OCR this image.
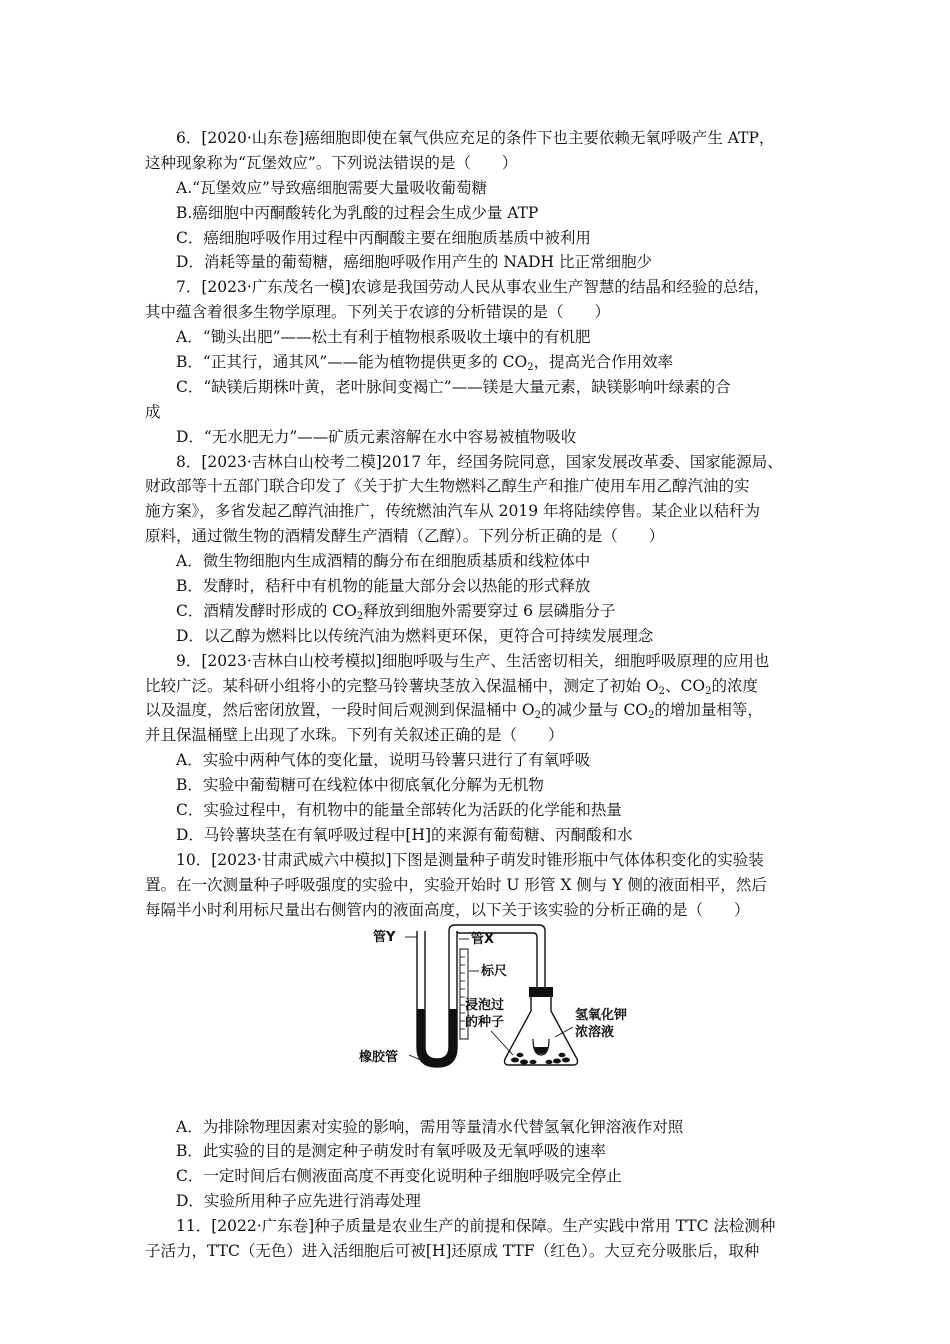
6．[2020·山东卷]癌细胞即使在氧气供应充足的条件下也主要依赖无氧呼吸产生 ATP，
这种现象称为“瓦堡效应”。下列说法错误的是（　　）
A.“瓦堡效应”导致癌细胞需要大量吸收葡萄糖
B.癌细胞中丙酮酸转化为乳酸的过程会生成少量 ATP
C．癌细胞呼吸作用过程中丙酮酸主要在细胞质基质中被利用
D．消耗等量的葡萄糖，癌细胞呼吸作用产生的 NADH 比正常细胞少
7．[2023·广东茂名一模]农谚是我国劳动人民从事农业生产智慧的结晶和经验的总结，
其中蕴含着很多生物学原理。下列关于农谚的分析错误的是（　　）
A．“锄头出肥”——松土有利于植物根系吸收土壤中的有机肥
B．“正其行，通其风”——能为植物提供更多的 $CO_2$，提高光合作用效率
C．“缺镁后期株叶黄，老叶脉间变褐亡”——镁是大量元素，缺镁影响叶绿素的合
成
D．“无水肥无力”——矿质元素溶解在水中容易被植物吸收
8．[2023·吉林白山校考二模]2017 年，经国务院同意，国家发展改革委、国家能源局、
财政部等十五部门联合印发了《关于扩大生物燃料乙醇生产和推广使用车用乙醇汽油的实
施方案》，多省发起乙醇汽油推广，传统燃油汽车从 2019 年将陆续停售。某企业以秸秆为
原料，通过微生物的酒精发酵生产酒精（乙醇）。下列分析正确的是（　　）
A．微生物细胞内生成酒精的酶分布在细胞质基质和线粒体中
B．发酵时，秸秆中有机物的能量大部分会以热能的形式释放
C．酒精发酵时形成的 $CO_2$释放到细胞外需要穿过 6 层磷脂分子
D．以乙醇为燃料比以传统汽油为燃料更环保，更符合可持续发展理念
9．[2023·吉林白山校考模拟]细胞呼吸与生产、生活密切相关，细胞呼吸原理的应用也
比较广泛。某科研小组将小的完整马铃薯块茎放入保温桶中，测定了初始 $O_2$、$CO_2$的浓度
以及温度，然后密闭放置，一段时间后观测到保温桶中 $O_2$的减少量与 $CO_2$的增加量相等，
并且保温桶壁上出现了水珠。下列有关叙述正确的是（　　）
A．实验中两种气体的变化量，说明马铃薯只进行了有氧呼吸
B．实验中葡萄糖可在线粒体中彻底氧化分解为无机物
C．实验过程中，有机物中的能量全部转化为活跃的化学能和热量
D．马铃薯块茎在有氧呼吸过程中[H]的来源有葡萄糖、丙酮酸和水
10．[2023·甘肃武威六中模拟]下图是测量种子萌发时锥形瓶中气体体积变化的实验装
置。在一次测量种子呼吸强度的实验中，实验开始时 U 形管 X 侧与 Y 侧的液面相平，然后
每隔半小时利用标尺量出右侧管内的液面高度，以下关于该实验的分析正确的是（　　）
管Y	管X
标尺
浸泡过
的种子	氢氧化钾
浓溶液
橡胶管
A．为排除物理因素对实验的影响，需用等量清水代替氢氧化钾溶液作对照
B．此实验的目的是测定种子萌发时有氧呼吸及无氧呼吸的速率
C．一定时间后右侧液面高度不再变化说明种子细胞呼吸完全停止
D．实验所用种子应先进行消毒处理
11．[2022·广东卷]种子质量是农业生产的前提和保障。生产实践中常用 TTC 法检测种
子活力，TTC（无色）进入活细胞后可被[H]还原成 TTF（红色）。大豆充分吸胀后，取种
